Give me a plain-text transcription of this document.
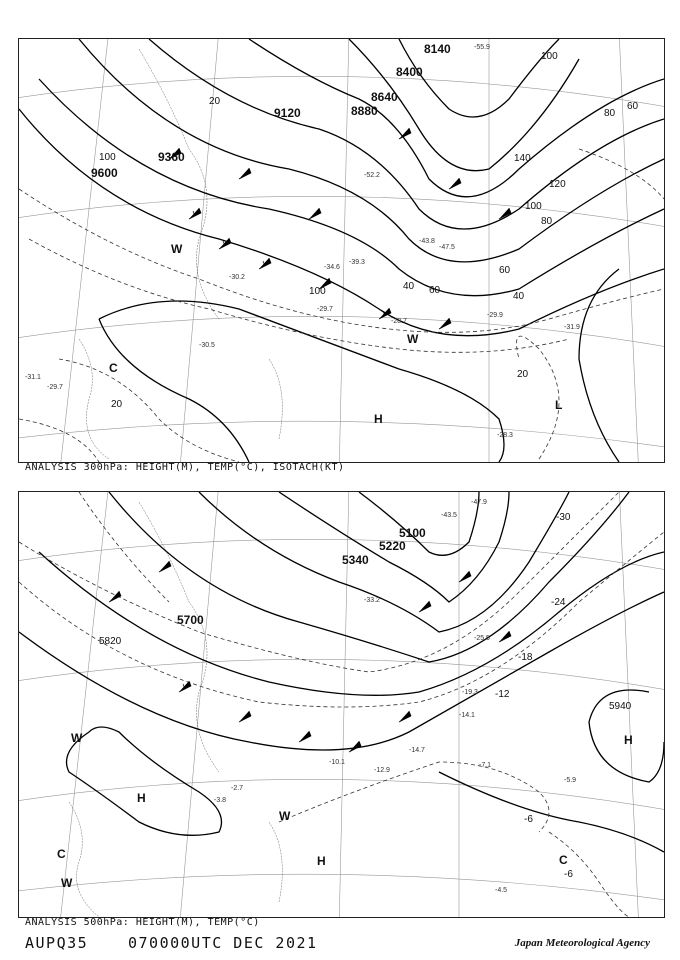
8140
8400
8640
8880
9120
9360
9600
100
120
140
100
80
60
40
20
100
80
60
40
20
100	60
20
-55.9
-52.2
-47.5
-43.8
-39.3
-34.6
-30.2
-29.7
-28.7
-31.9
-30.5
-28.3
-29.9
-31.1
-29.7
W
W
C
H
L
ANALYSIS 300hPa: HEIGHT(M), TEMP(°C), ISOTACH(KT)
5100
5220
5340
5700
5820
5940
-30
-24
-18
-12
-6
-6
-47.9
-43.5
-33.2
-25.5
-19.3
-14.1
-7.1
-5.9
-4.5
-14.7
-12.9
-10.1
-3.8
-2.7
H
W
H
H
C	C
W
W
ANALYSIS 500hPa: HEIGHT(M), TEMP(°C)
AUPQ35	070000UTC DEC 2021	Japan Meteorological Agency
